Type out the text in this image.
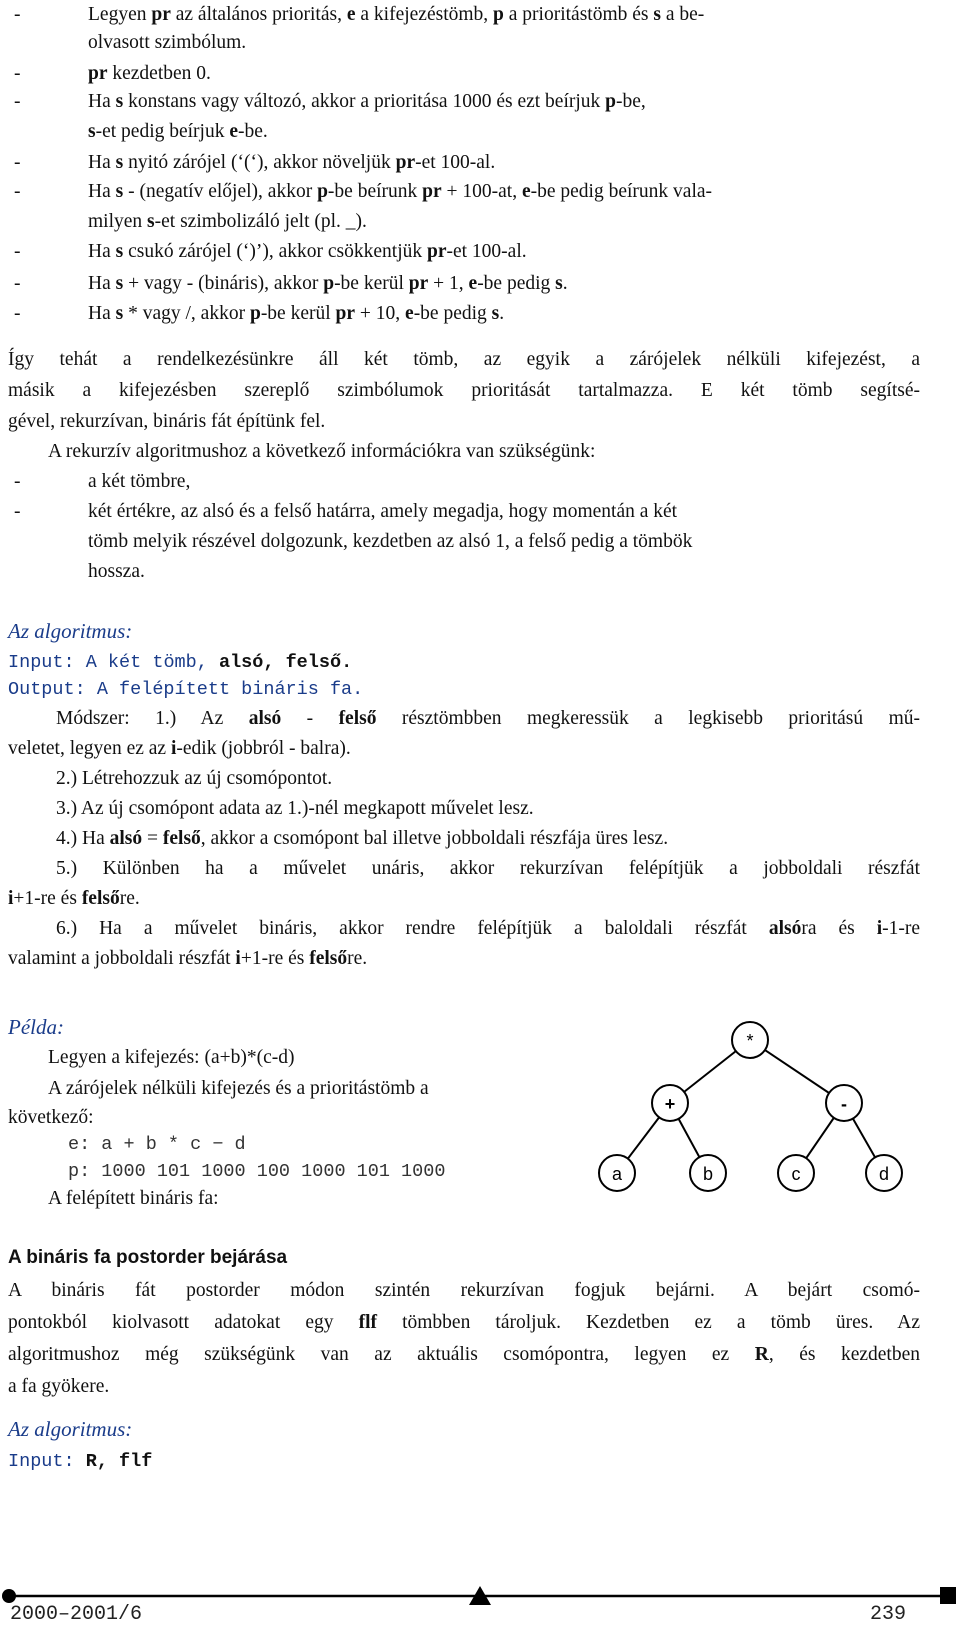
-	Legyen pr az általános prioritás, e a kifejezéstömb, p a prioritástömb és s a be-
olvasott szimbólum.
-	pr kezdetben 0.
-	Ha s konstans vagy változó, akkor a prioritása 1000 és ezt beírjuk p-be,
s-et pedig beírjuk e-be.
-	Ha s nyitó zárójel (‘(‘), akkor növeljük pr-et 100-al.
-	Ha s - (negatív előjel), akkor p-be beírunk pr + 100-at, e-be pedig beírunk vala-
milyen s-et szimbolizáló jelt (pl. _).
-	Ha s csukó zárójel (‘)’), akkor csökkentjük pr-et 100-al.
-	Ha s + vagy - (bináris), akkor p-be kerül pr + 1, e-be pedig s.
-	Ha s * vagy /, akkor p-be kerül pr + 10, e-be pedig s.
Így tehát a rendelkezésünkre áll két tömb, az egyik a zárójelek nélküli kifejezést, a
másik a kifejezésben szereplő szimbólumok prioritását tartalmazza. E két tömb segítsé-
gével, rekurzívan, bináris fát építünk fel.
A rekurzív algoritmushoz a következő információkra van szükségünk:
-	a két tömbre,
-	két értékre, az alsó és a felső határra, amely megadja, hogy momentán a két
tömb melyik részével dolgozunk, kezdetben az alsó 1, a felső pedig a tömbök
hossza.
Az algoritmus:
Input: A két tömb, alsó, felső.
Output: A felépített bináris fa.
Módszer: 1.) Az alsó - felső résztömbben megkeressük a legkisebb prioritású mű-
veletet, legyen ez az i-edik (jobbról - balra).
2.) Létrehozzuk az új csomópontot.
3.) Az új csomópont adata az 1.)-nél megkapott művelet lesz.
4.) Ha alsó = felső, akkor a csomópont bal illetve jobboldali részfája üres lesz.
5.) Különben ha a művelet unáris, akkor rekurzívan felépítjük a jobboldali részfát
i+1-re és felsőre.
6.) Ha a művelet bináris, akkor rendre felépítjük a baloldali részfát alsóra és i-1-re
valamint a jobboldali részfát i+1-re és felsőre.
Példa:
Legyen a kifejezés: (a+b)*(c-d)
A zárójelek nélküli kifejezés és a prioritástömb a
következő:
e: a + b * c − d
p: 1000 101 1000 100 1000 101 1000
A felépített bináris fa:
*
+	-
a	b	c	d
A bináris fa postorder bejárása
A bináris fát postorder módon szintén rekurzívan fogjuk bejárni. A bejárt csomó-
pontokból kiolvasott adatokat egy flf tömbben tároljuk. Kezdetben ez a tömb üres. Az
algoritmushoz még szükségünk van az aktuális csomópontra, legyen ez R, és kezdetben
a fa gyökere.
Az algoritmus:
Input: R, flf
2000–2001/6	239
